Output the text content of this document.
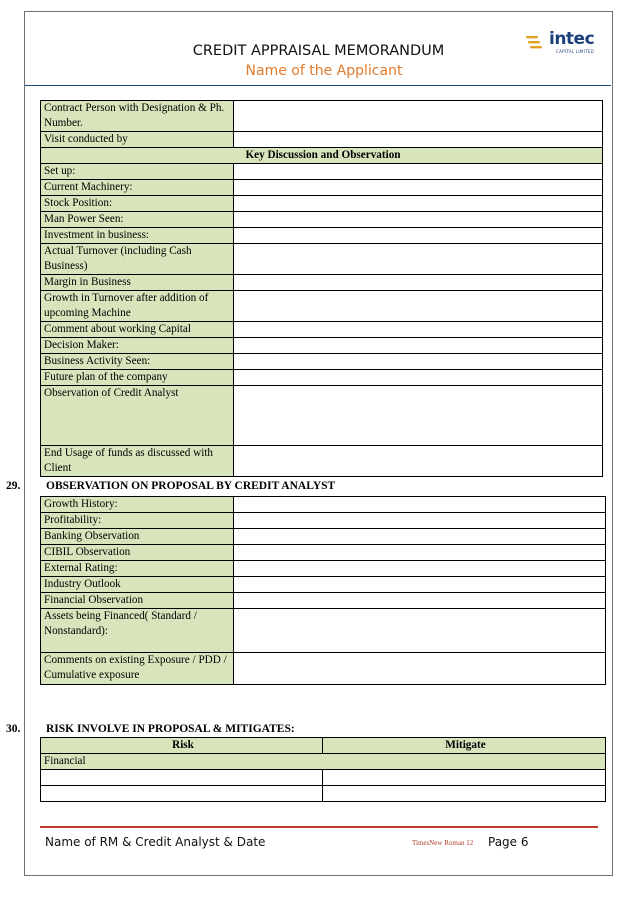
CREDIT APPRAISAL MEMORANDUM
Name of the Applicant
intec
CAPITAL LIMITED
Contract Person with Designation & Ph. Number.	
Visit conducted by	
Key Discussion and Observation	
Set up:	
Current Machinery:	
Stock Position:	
Man Power Seen:	
Investment in business:	
Actual Turnover (including Cash Business)	
Margin in Business	
Growth in Turnover after addition of upcoming Machine	
Comment about working Capital	
Decision Maker:	
Business Activity Seen:	
Future plan of the company	
Observation of Credit Analyst	
End Usage of funds as discussed with Client	
29. OBSERVATION ON PROPOSAL BY CREDIT ANALYST
Growth History:	
Profitability:	
Banking Observation	
CIBIL Observation	
External Rating:	
Industry Outlook	
Financial Observation	
Assets being Financed( Standard / Nonstandard):	
Comments on existing Exposure / PDD / Cumulative exposure	
30. RISK INVOLVE IN PROPOSAL & MITIGATES:
Risk	Mitigate
Financial	

Name of RM & Credit Analyst & Date	TimesNew Roman 12 Page 6
